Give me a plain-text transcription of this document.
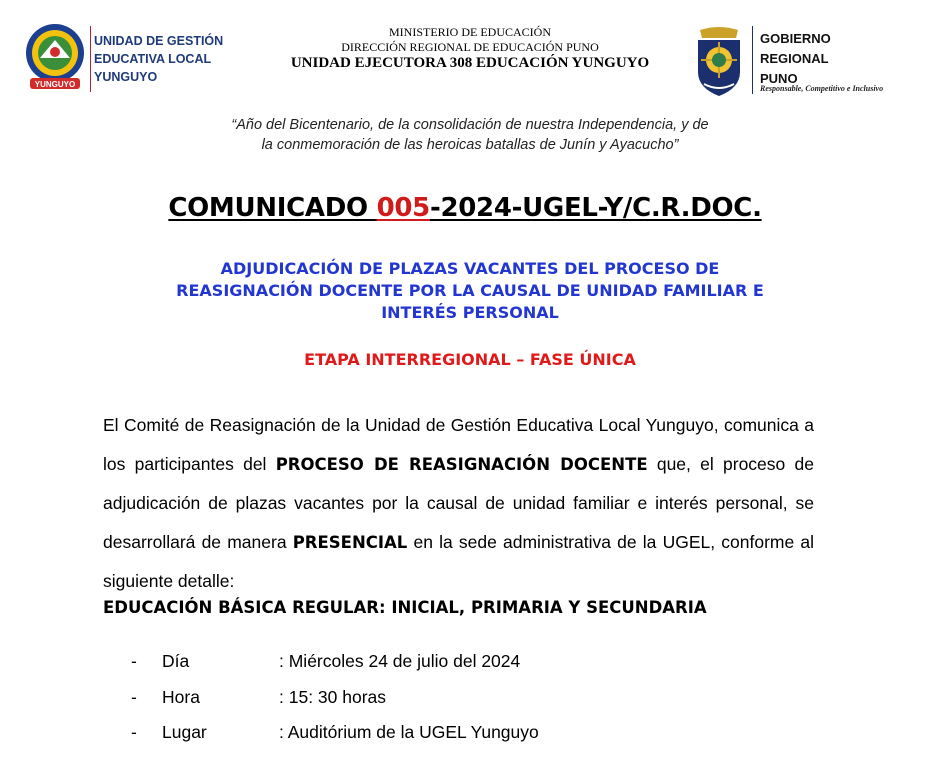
YUNGUYO
UNIDAD DE GESTIÓN
EDUCATIVA LOCAL
YUNGUYO
MINISTERIO DE EDUCACIÓN
DIRECCIÓN REGIONAL DE EDUCACIÓN PUNO
UNIDAD EJECUTORA 308 EDUCACIÓN YUNGUYO
GOBIERNO
REGIONAL
PUNO
Responsable, Competitivo e Inclusivo
“Año del Bicentenario, de la consolidación de nuestra Independencia, y de
la conmemoración de las heroicas batallas de Junín y Ayacucho”
COMUNICADO 005-2024-UGEL-Y/C.R.DOC.
ADJUDICACIÓN DE PLAZAS VACANTES DEL PROCESO DE
REASIGNACIÓN DOCENTE POR LA CAUSAL DE UNIDAD FAMILIAR E
INTERÉS PERSONAL
ETAPA INTERREGIONAL – FASE ÚNICA
El Comité de Reasignación de la Unidad de Gestión Educativa Local Yunguyo, comunica a los participantes del PROCESO DE REASIGNACIÓN DOCENTE que, el proceso de adjudicación de plazas vacantes por la causal de unidad familiar e interés personal, se desarrollará de manera PRESENCIAL en la sede administrativa de la UGEL, conforme al siguiente detalle:
EDUCACIÓN BÁSICA REGULAR: INICIAL, PRIMARIA Y SECUNDARIA
- Día	: Miércoles 24 de julio del 2024
- Hora	: 15: 30 horas
- Lugar	: Auditórium de la UGEL Yunguyo
